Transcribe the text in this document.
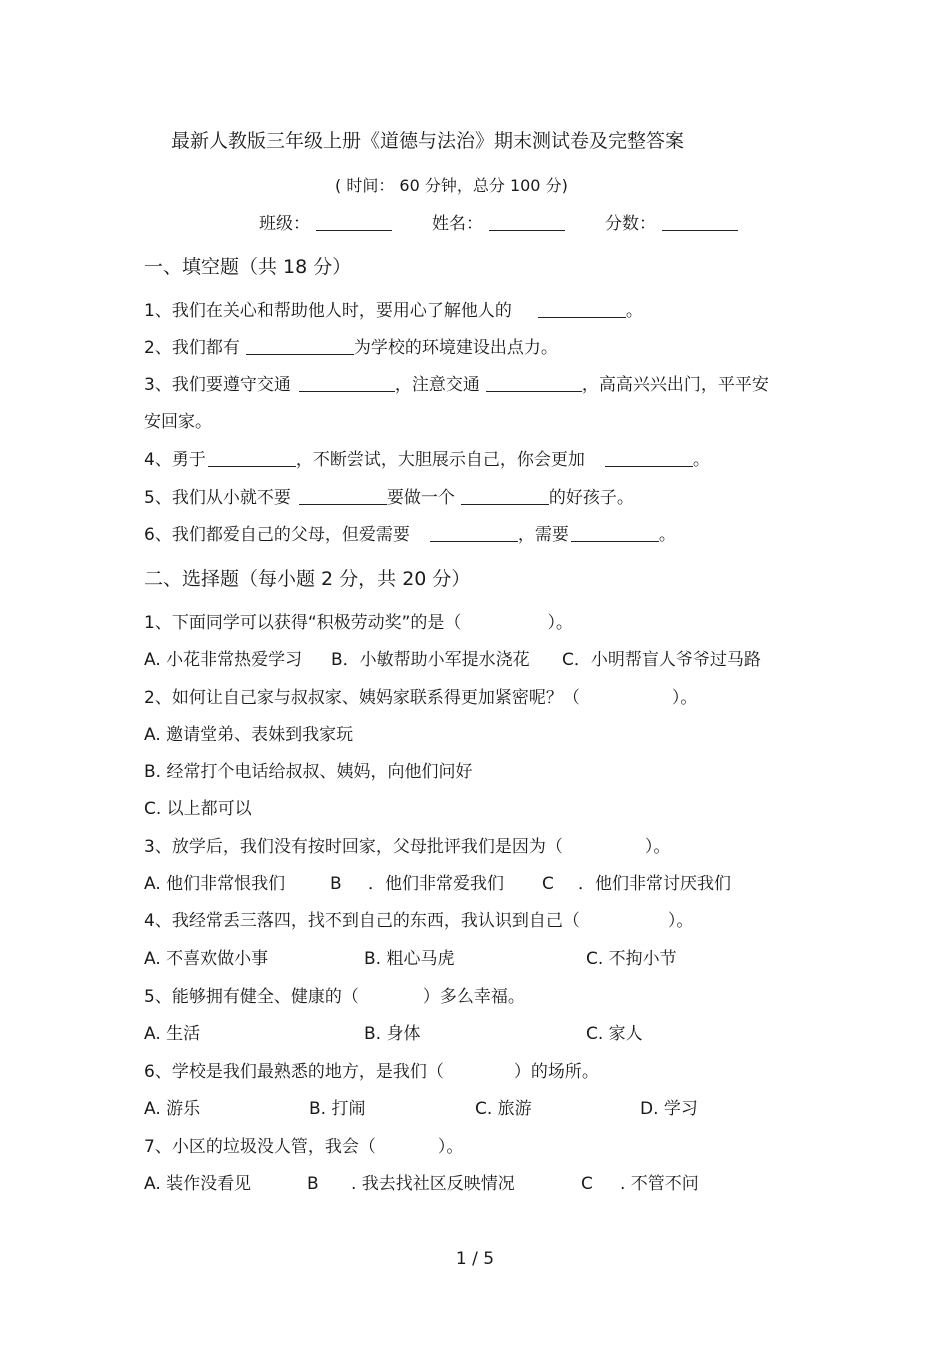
最新人教版三年级上册《道德与法治》期末测试卷及完整答案
( 时间： 60 分钟，总分 100 分)
班级：	姓名：	分数：
一、填空题（共 18 分）
1、我们在关心和帮助他人时，要用心了解他人的	。
2、我们都有	为学校的环境建设出点力。
3、我们要遵守交通	，注意交通	，高高兴兴出门，平平安
安回家。
4、勇于	，不断尝试，大胆展示自己，你会更加	。
5、我们从小就不要	要做一个	的好孩子。
6、我们都爱自己的父母，但爱需要	，需要	。
二、选择题（每小题 2 分，共 20 分）
1、下面同学可以获得“积极劳动奖”的是（	）。
A. 小花非常热爱学习 B．小敏帮助小军提水浇花 C．小明帮盲人爷爷过马路
2、如何让自己家与叔叔家、姨妈家联系得更加紧密呢？（	）。
A. 邀请堂弟、表妹到我家玩
B. 经常打个电话给叔叔、姨妈，向他们问好
C. 以上都可以
3、放学后，我们没有按时回家，父母批评我们是因为（	）。
A. 他们非常恨我们	B ．他们非常爱我们 C ．他们非常讨厌我们
4、我经常丢三落四，找不到自己的东西，我认识到自己（	）。
A. 不喜欢做小事	B. 粗心马虎	C. 不拘小节
5、能够拥有健全、健康的（	）多么幸福。
A. 生活	B. 身体	C. 家人
6、学校是我们最熟悉的地方，是我们（	）的场所。
A. 游乐	B. 打闹	C. 旅游	D. 学习
7、小区的垃圾没人管，我会（	）。
A. 装作没看见	B . 我去找社区反映情况	C . 不管不问
1 / 5
